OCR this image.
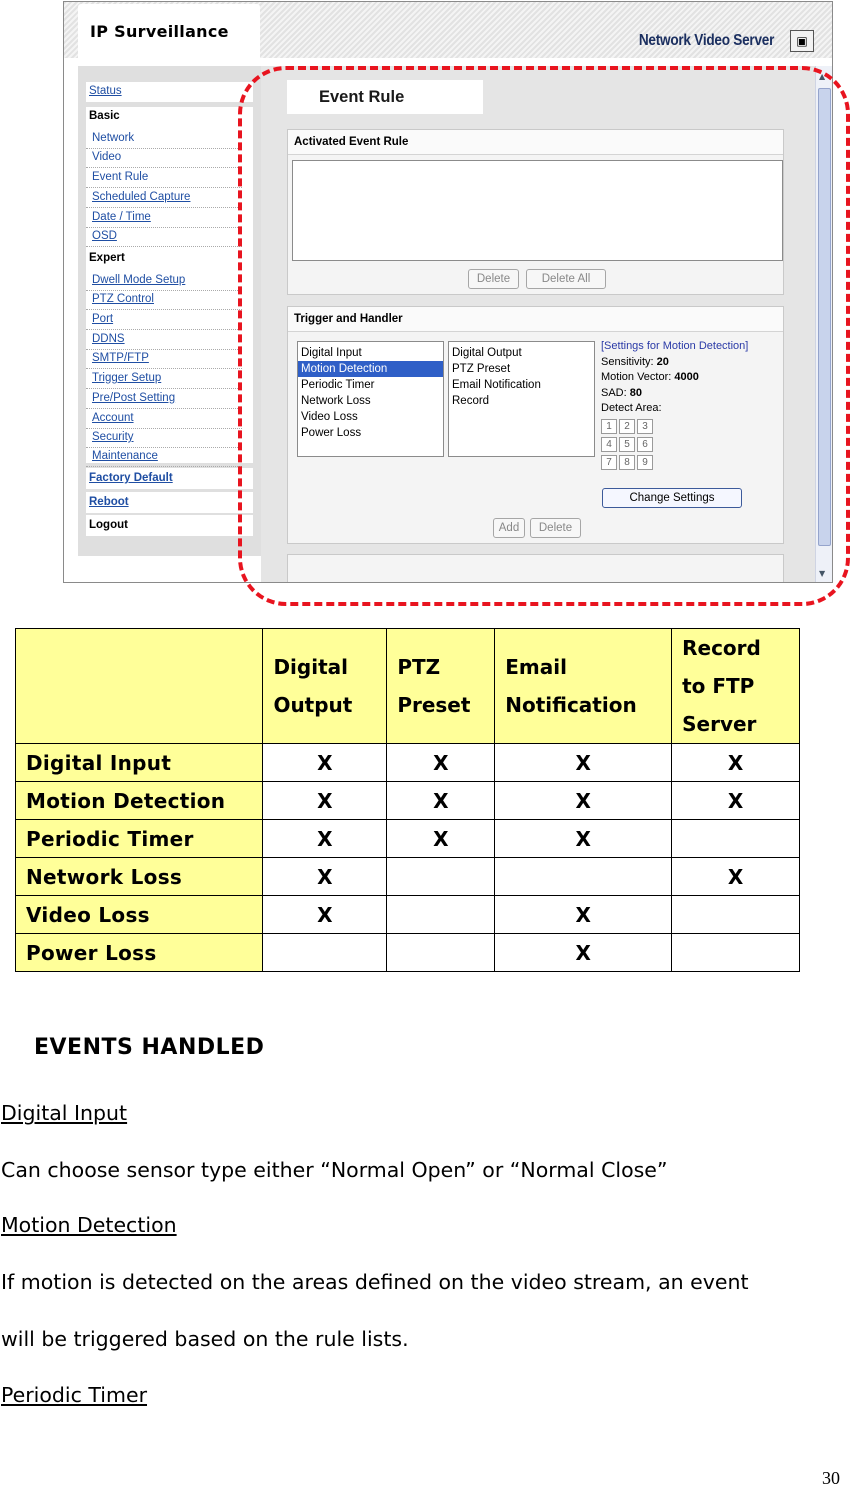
IP Surveillance	Network Video Server	▣
Status
Basic
Network
Video
Event Rule
Scheduled Capture
Date / Time
OSD
Expert
Dwell Mode Setup
PTZ Control
Port
DDNS
SMTP/FTP
Trigger Setup
Pre/Post Setting
Account
Security
Maintenance
Factory Default
Reboot
Logout
Event Rule
Activated Event Rule
Delete	Delete All
Trigger and Handler
Digital Input
Motion Detection
Periodic Timer
Network Loss
Video Loss
Power Loss
Digital Output
PTZ Preset
Email Notification
Record
[Settings for Motion Detection]
Sensitivity: 20
Motion Vector: 4000
SAD: 80
Detect Area:
1 2 3
4 5 6
7 8 9
Change Settings
Add	Delete
▲
▼
	Digital Output	PTZ Preset	Email Notification	Record to FTP Server
Digital Input	X	X	X	X
Motion Detection	X	X	X	X
Periodic Timer	X	X	X	
Network Loss	X			X
Video Loss	X		X	
Power Loss			X	
EVENTS HANDLED
Digital Input
Can choose sensor type either “Normal Open” or “Normal Close”
Motion Detection
If motion is detected on the areas defined on the video stream, an event
will be triggered based on the rule lists.
Periodic Timer
30
